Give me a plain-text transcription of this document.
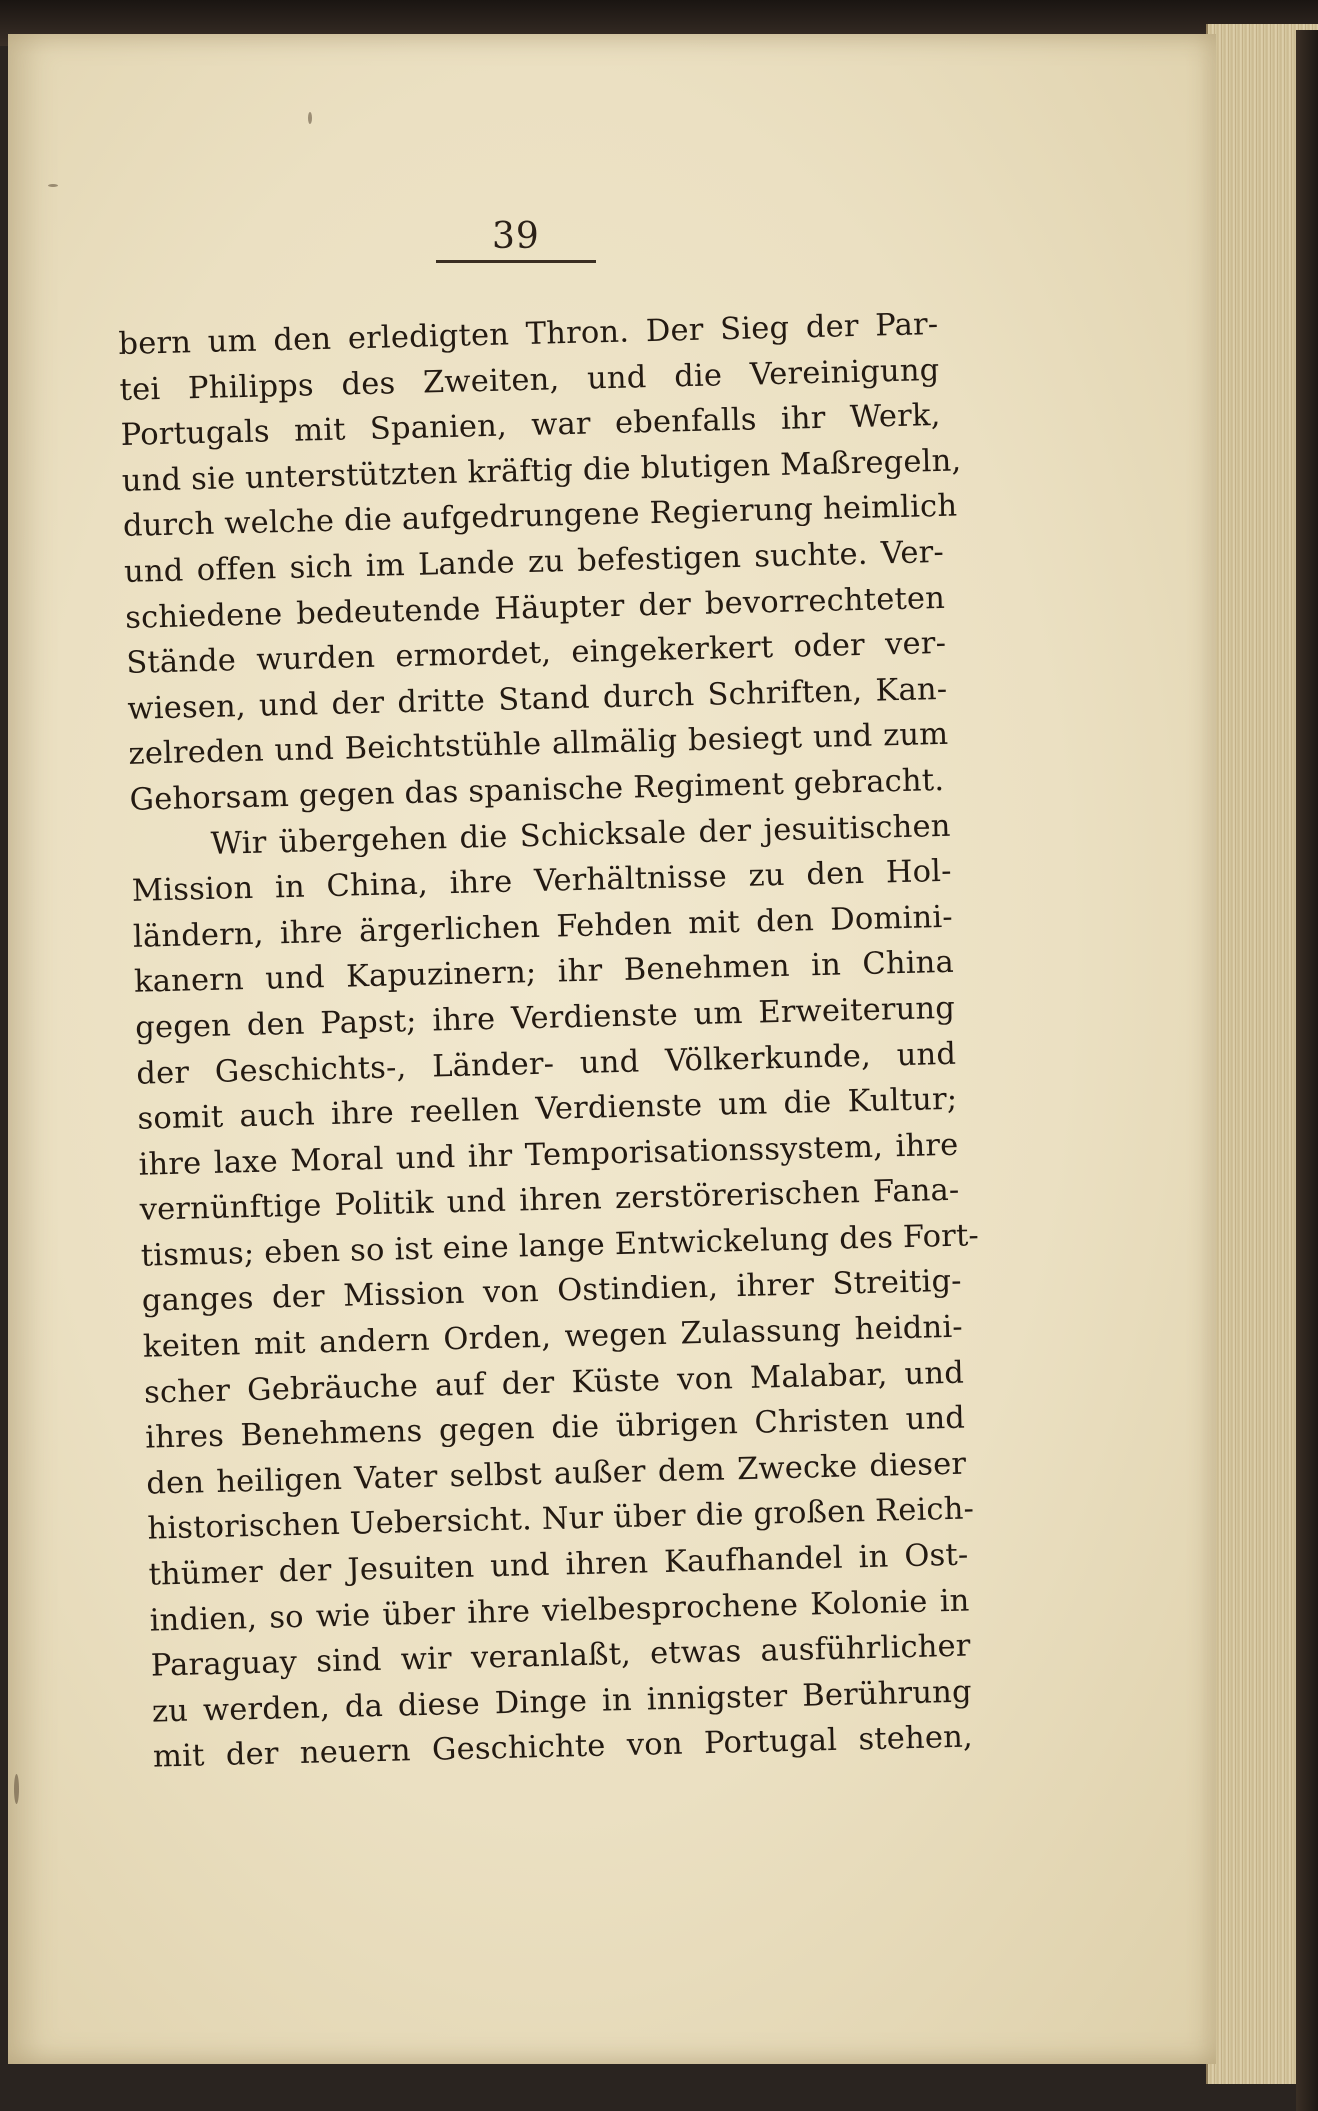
39
bern um den erledigten Thron. Der Sieg der Par-
tei Philipps des Zweiten, und die Vereinigung
Portugals mit Spanien, war ebenfalls ihr Werk,
und sie unterstützten kräftig die blutigen Maßregeln,
durch welche die aufgedrungene Regierung heimlich
und offen sich im Lande zu befestigen suchte. Ver-
schiedene bedeutende Häupter der bevorrechteten
Stände wurden ermordet, eingekerkert oder ver-
wiesen, und der dritte Stand durch Schriften, Kan-
zelreden und Beichtstühle allmälig besiegt und zum
Gehorsam gegen das spanische Regiment gebracht.
Wir übergehen die Schicksale der jesuitischen
Mission in China, ihre Verhältnisse zu den Hol-
ländern, ihre ärgerlichen Fehden mit den Domini-
kanern und Kapuzinern; ihr Benehmen in China
gegen den Papst; ihre Verdienste um Erweiterung
der Geschichts-, Länder- und Völkerkunde, und
somit auch ihre reellen Verdienste um die Kultur;
ihre laxe Moral und ihr Temporisationssystem, ihre
vernünftige Politik und ihren zerstörerischen Fana-
tismus; eben so ist eine lange Entwickelung des Fort-
ganges der Mission von Ostindien, ihrer Streitig-
keiten mit andern Orden, wegen Zulassung heidni-
scher Gebräuche auf der Küste von Malabar, und
ihres Benehmens gegen die übrigen Christen und
den heiligen Vater selbst außer dem Zwecke dieser
historischen Uebersicht. Nur über die großen Reich-
thümer der Jesuiten und ihren Kaufhandel in Ost-
indien, so wie über ihre vielbesprochene Kolonie in
Paraguay sind wir veranlaßt, etwas ausführlicher
zu werden, da diese Dinge in innigster Berührung
mit der neuern Geschichte von Portugal stehen,
